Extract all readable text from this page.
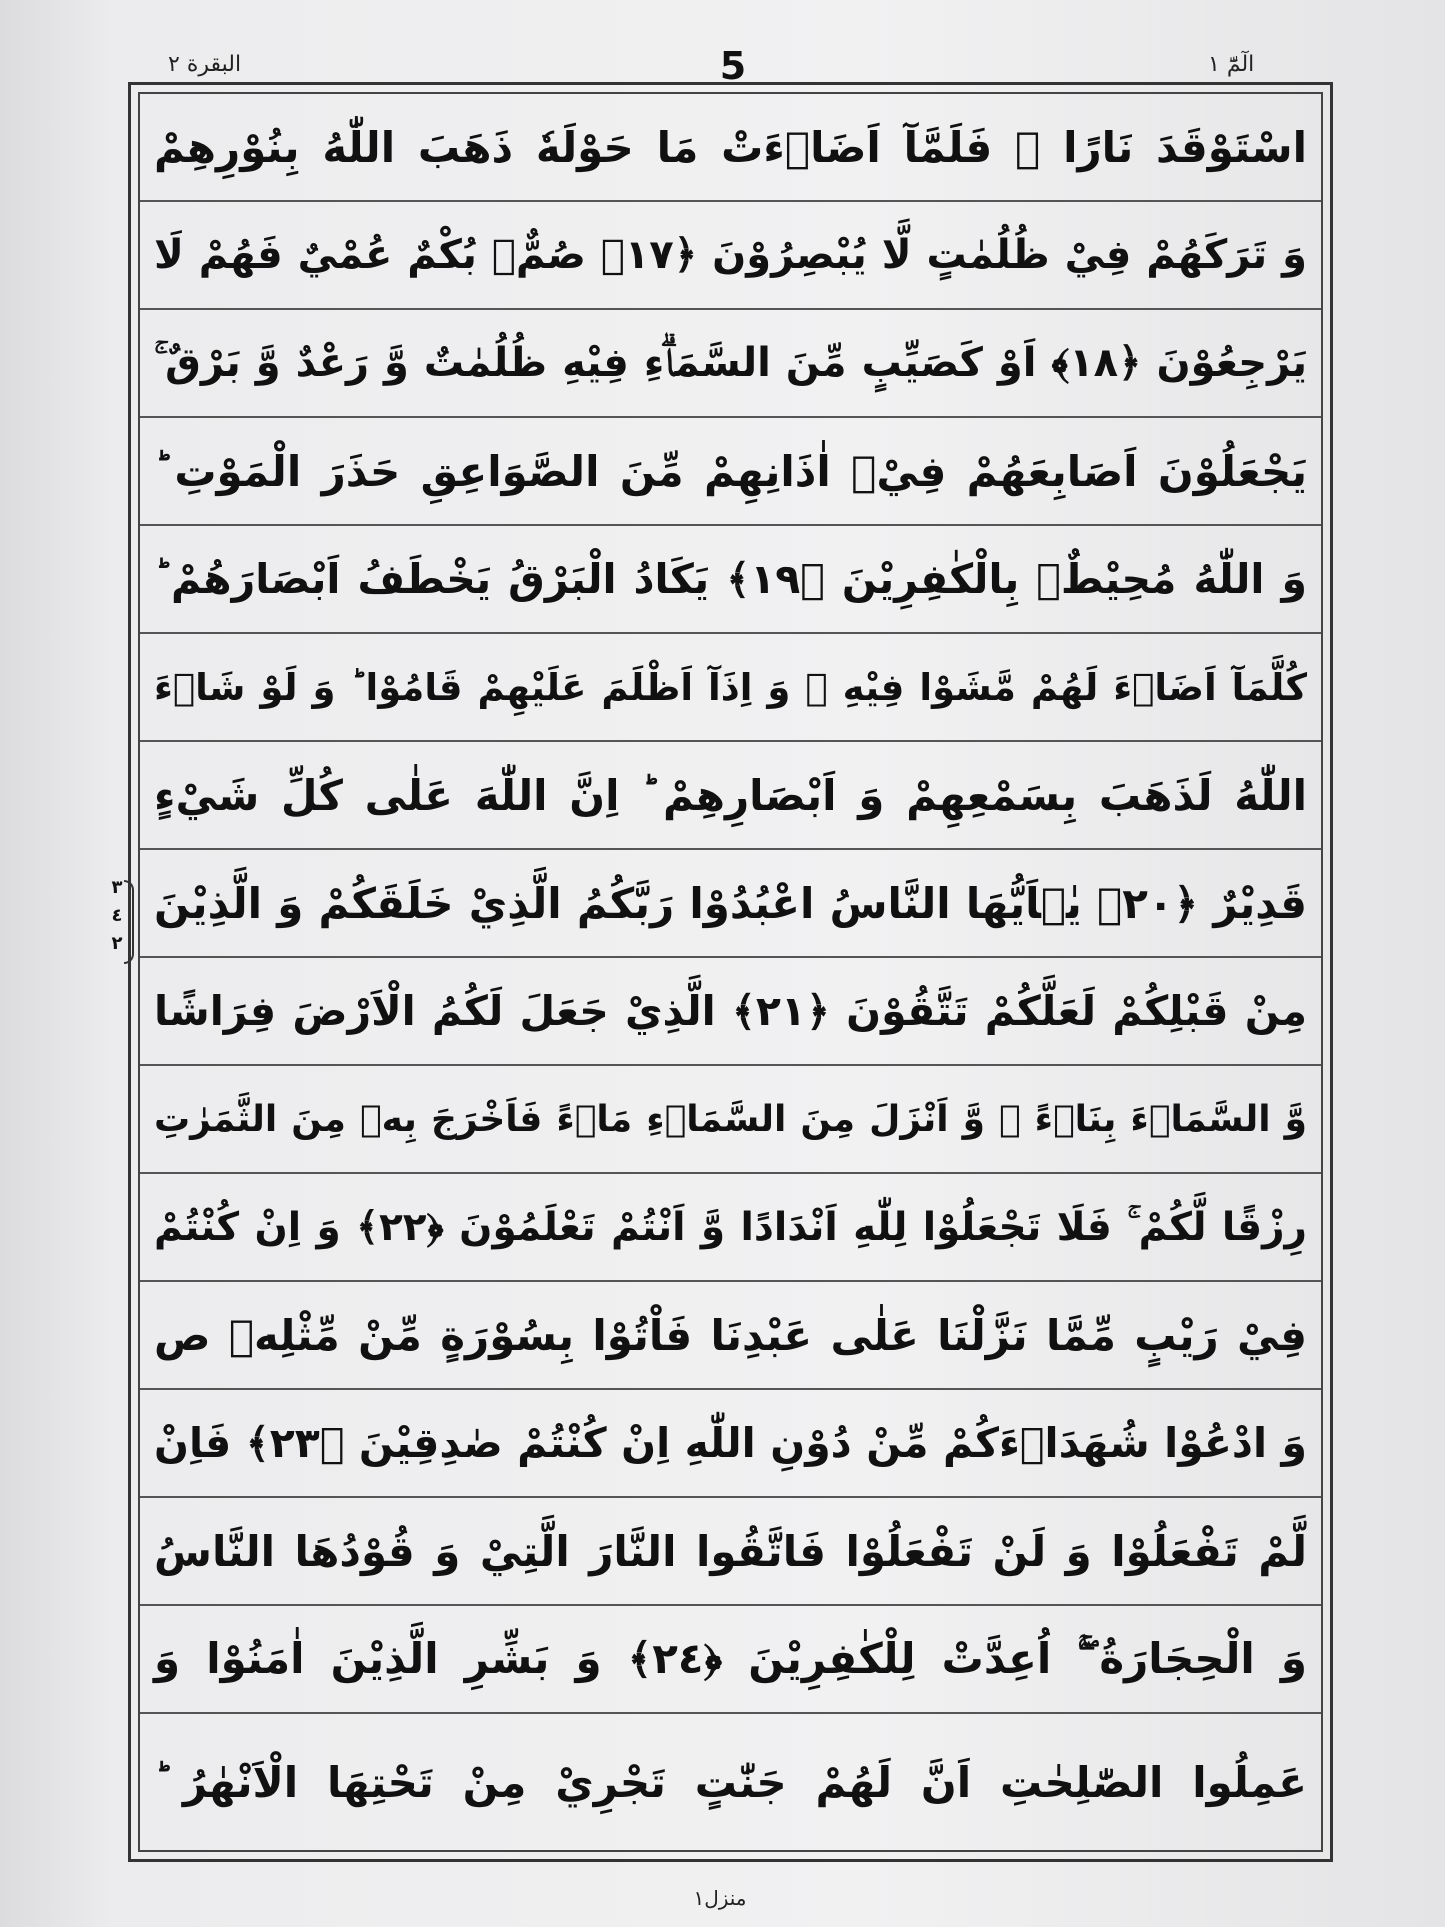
البقرة ٢	5	الٓمّٓ ١
٣
٤
٢
اسْتَوْقَدَ نَارًا ۚ فَلَمَّآ اَضَاۗءَتْ مَا حَوْلَهٗ ذَهَبَ اللّٰهُ بِنُوْرِهِمْ
وَ تَرَكَهُمْ فِيْ ظُلُمٰتٍ لَّا يُبْصِرُوْنَ ﴿١٧﴾ صُمٌّۢ بُكْمٌ عُمْيٌ فَهُمْ لَا
يَرْجِعُوْنَ ﴿١٨﴾ اَوْ كَصَيِّبٍ مِّنَ السَّمَاۗءِ فِيْهِ ظُلُمٰتٌ وَّ رَعْدٌ وَّ بَرْقٌ ۚ
يَجْعَلُوْنَ اَصَابِعَهُمْ فِيْۤ اٰذَانِهِمْ مِّنَ الصَّوَاعِقِ حَذَرَ الْمَوْتِ ؕ
وَ اللّٰهُ مُحِيْطٌۢ بِالْكٰفِرِيْنَ ﴿١٩﴾ يَكَادُ الْبَرْقُ يَخْطَفُ اَبْصَارَهُمْ ؕ
كُلَّمَآ اَضَاۗءَ لَهُمْ مَّشَوْا فِيْهِ ۙ وَ اِذَآ اَظْلَمَ عَلَيْهِمْ قَامُوْا ؕ وَ لَوْ شَاۗءَ
اللّٰهُ لَذَهَبَ بِسَمْعِهِمْ وَ اَبْصَارِهِمْ ؕ اِنَّ اللّٰهَ عَلٰى كُلِّ شَيْءٍ
قَدِيْرٌ ﴿٢٠﴾ يٰۤاَيُّهَا النَّاسُ اعْبُدُوْا رَبَّكُمُ الَّذِيْ خَلَقَكُمْ وَ الَّذِيْنَ
مِنْ قَبْلِكُمْ لَعَلَّكُمْ تَتَّقُوْنَ ﴿٢١﴾ الَّذِيْ جَعَلَ لَكُمُ الْاَرْضَ فِرَاشًا
وَّ السَّمَاۗءَ بِنَاۗءً ۪ وَّ اَنْزَلَ مِنَ السَّمَاۗءِ مَاۗءً فَاَخْرَجَ بِهٖ مِنَ الثَّمَرٰتِ
رِزْقًا لَّكُمْ ۚ فَلَا تَجْعَلُوْا لِلّٰهِ اَنْدَادًا وَّ اَنْتُمْ تَعْلَمُوْنَ ﴿٢٢﴾ وَ اِنْ كُنْتُمْ
فِيْ رَيْبٍ مِّمَّا نَزَّلْنَا عَلٰى عَبْدِنَا فَاْتُوْا بِسُوْرَةٍ مِّنْ مِّثْلِهٖ ص
وَ ادْعُوْا شُهَدَاۗءَكُمْ مِّنْ دُوْنِ اللّٰهِ اِنْ كُنْتُمْ صٰدِقِيْنَ ﴿٢٣﴾ فَاِنْ
لَّمْ تَفْعَلُوْا وَ لَنْ تَفْعَلُوْا فَاتَّقُوا النَّارَ الَّتِيْ وَ قُوْدُهَا النَّاسُ
وَ الْحِجَارَةُ ۚۖ اُعِدَّتْ لِلْكٰفِرِيْنَ ﴿٢٤﴾ وَ بَشِّرِ الَّذِيْنَ اٰمَنُوْا وَ
عَمِلُوا الصّٰلِحٰتِ اَنَّ لَهُمْ جَنّٰتٍ تَجْرِيْ مِنْ تَحْتِهَا الْاَنْهٰرُ ؕ
منزل١
